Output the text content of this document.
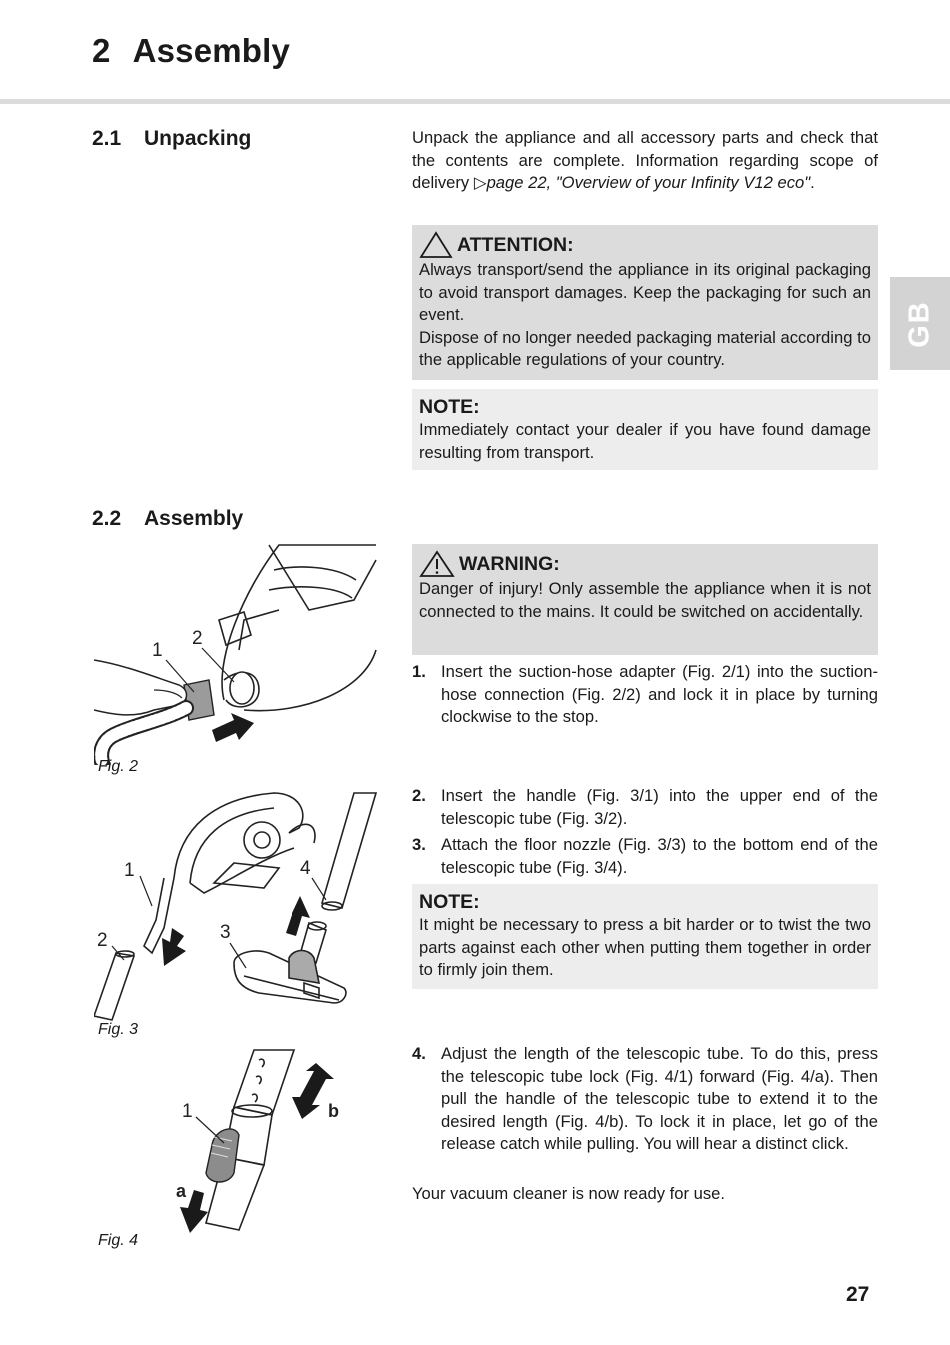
2 Assembly
GB
2.1 Unpacking	Unpack the appliance and all accessory parts and check that the contents are complete. Information regarding scope of delivery ▷page 22, "Overview of your Infinity V12 eco".
ATTENTION:

Always transport/send the appliance in its original packaging to avoid transport damages. Keep the packaging for such an event.

Dispose of no longer needed packaging material according to the applicable regulations of your country.

NOTE:

Immediately contact your dealer if you have found damage resulting from transport.

2.2 Assembly
WARNING:

Danger of injury! Only assemble the appliance when it is not connected to the mains. It could be switched on accidentally.

1. Insert the suction-hose adapter (Fig. 2/1) into the suction-hose connection (Fig. 2/2) and lock it in place by turning clockwise to the stop.
2. Insert the handle (Fig. 3/1) into the upper end of the telescopic tube (Fig. 3/2).
3. Attach the floor nozzle (Fig. 3/3) to the bottom end of the telescopic tube (Fig. 3/4).
NOTE:

It might be necessary to press a bit harder or to twist the two parts against each other when putting them together in order to firmly join them.

4. Adjust the length of the telescopic tube. To do this, press the telescopic tube lock (Fig. 4/1) forward (Fig. 4/a). Then pull the handle of the telescopic tube to extend it to the desired length (Fig. 4/b). To lock it in place, let go of the release catch while pulling. You will hear a distinct click.
Your vacuum cleaner is now ready for use.
1
2
Fig. 2
1
2	3
4
Fig. 3
1
a
b
Fig. 4
27
